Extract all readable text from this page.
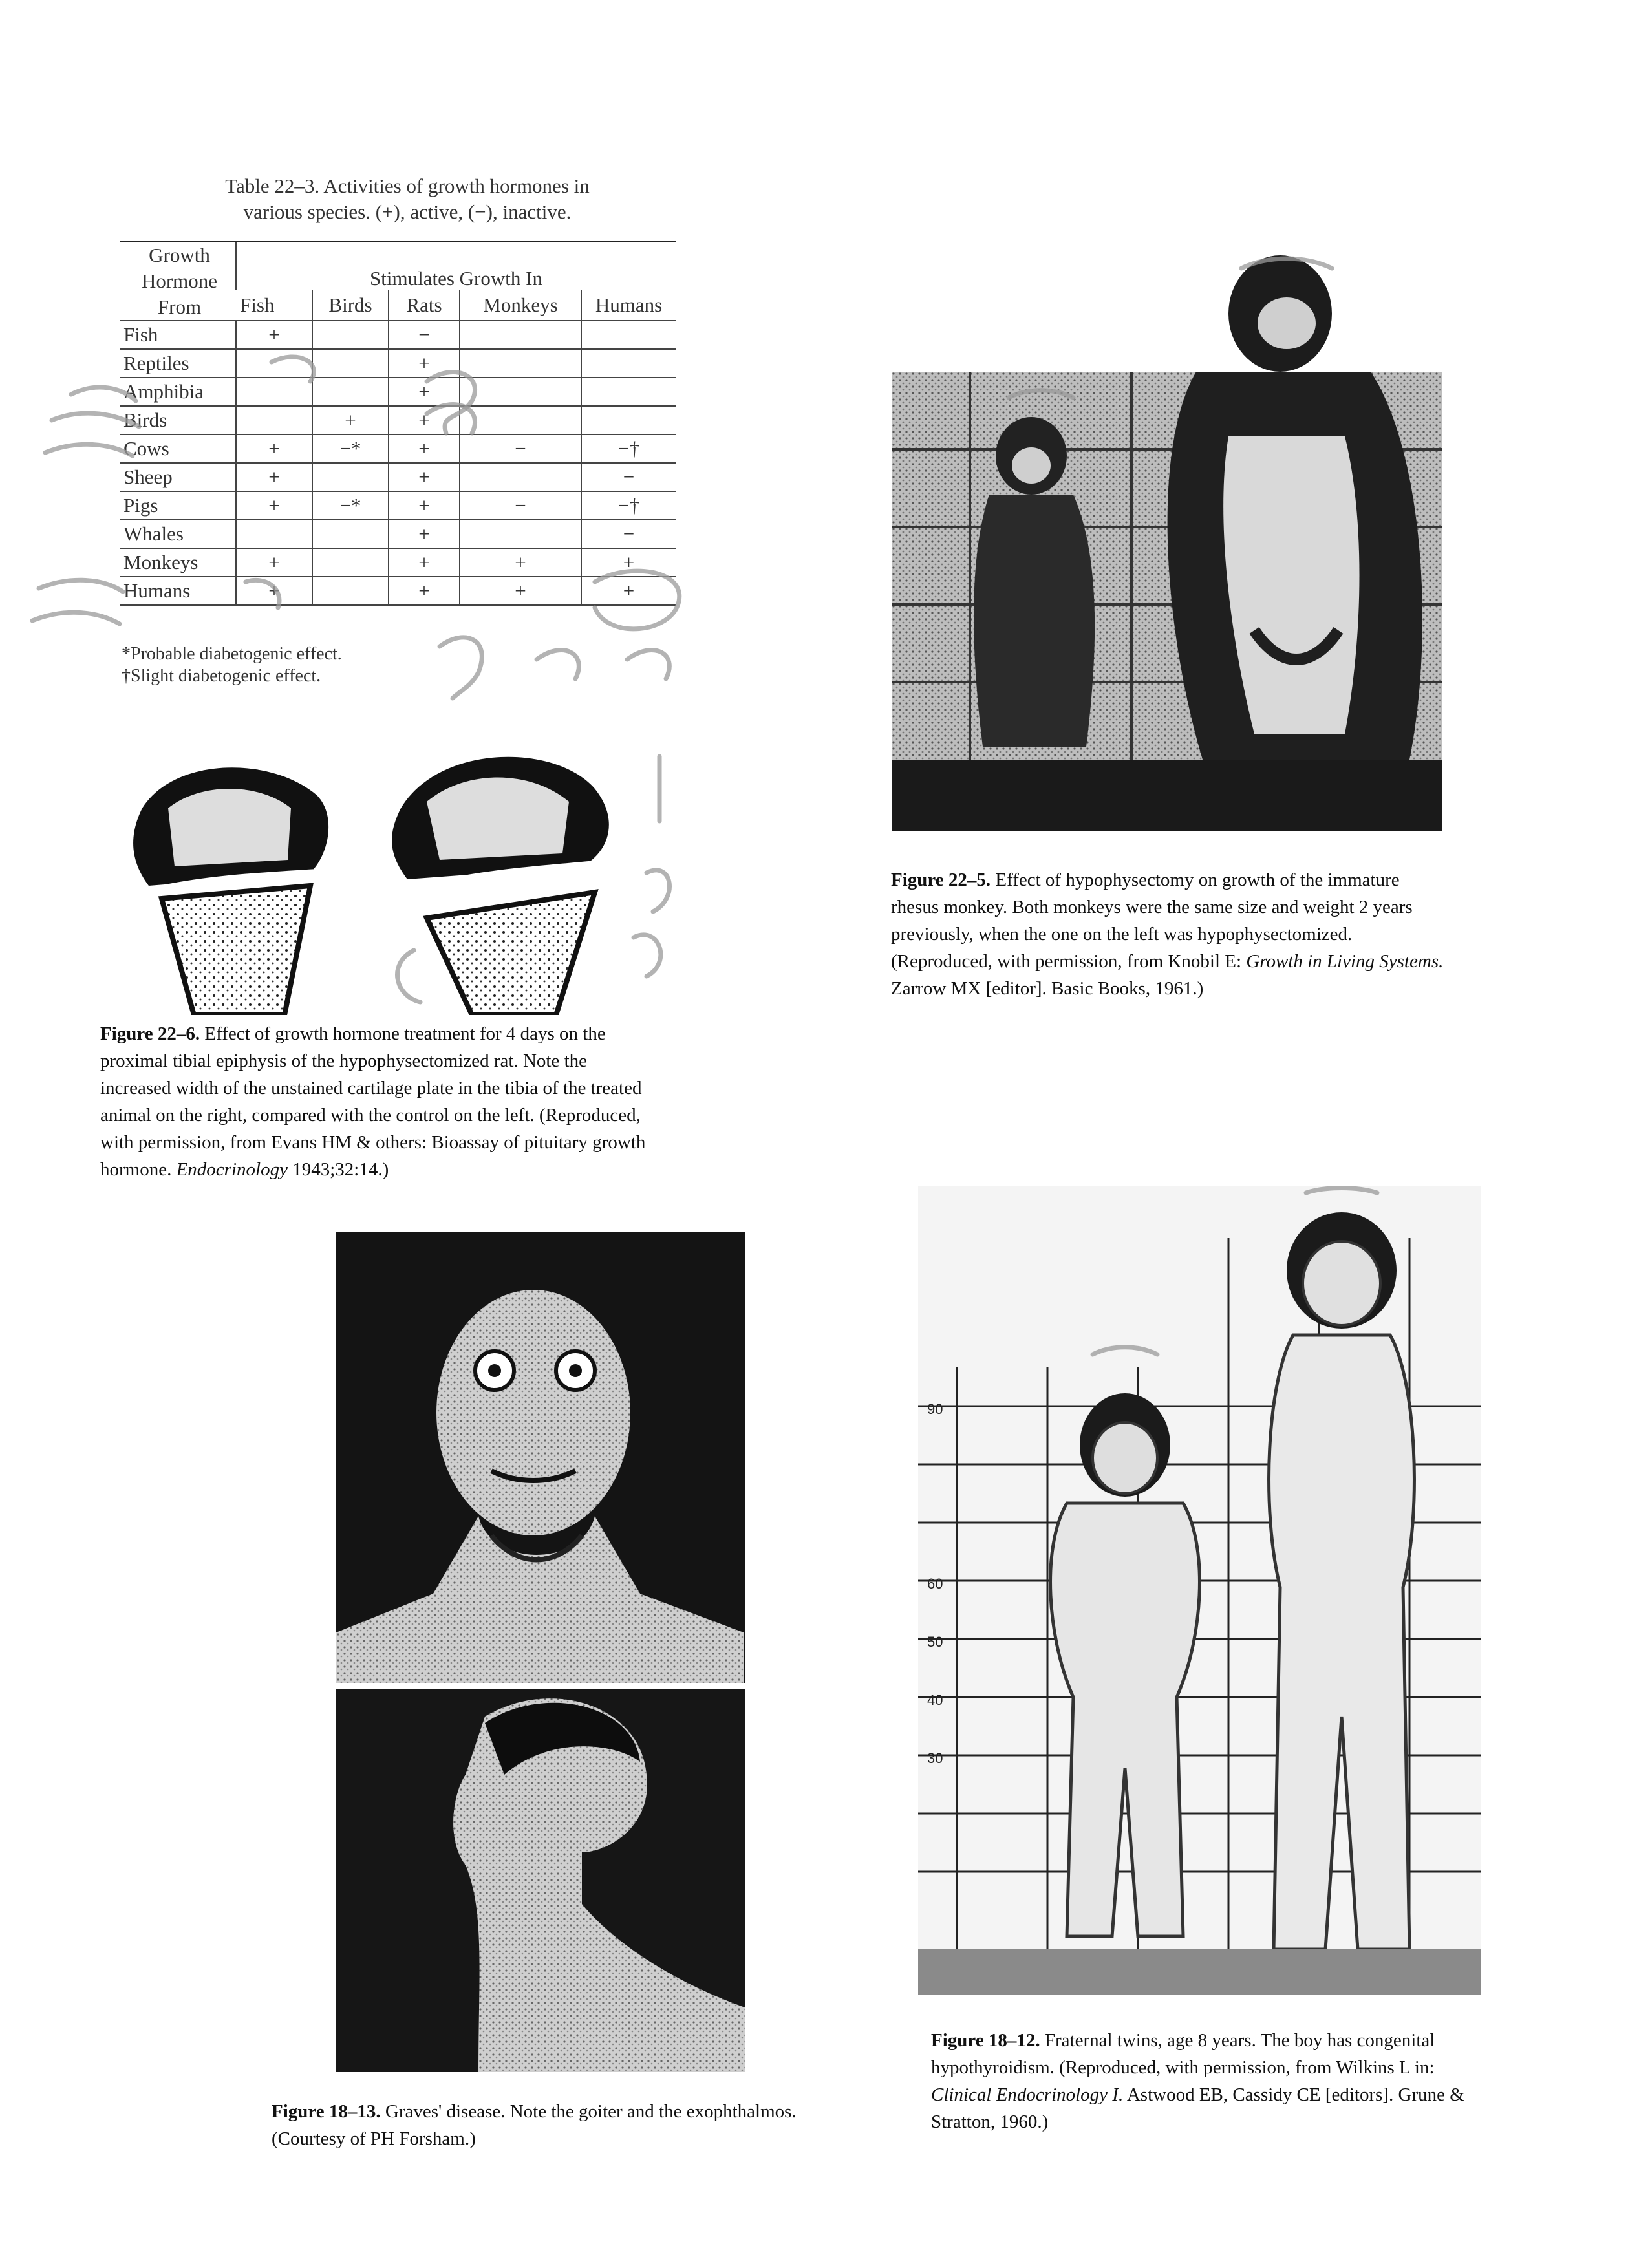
Table 22–3. Activities of growth hormones in
various species. (+), active, (−), inactive.
Growth
Hormone
From	Stimulates Growth In				
	Fish	Birds	Rats	Monkeys	Humans
Fish	+		−		
Reptiles			+		
Amphibia			+		
Birds		+	+		
Cows	+	−*	+	−	−†
Sheep	+		+		−
Pigs	+	−*	+	−	−†
Whales			+		−
Monkeys	+		+	+	+
Humans	+		+	+	+
*Probable diabetogenic effect.
†Slight diabetogenic effect.
Figure 22–6. Effect of growth hormone treatment for 4 days on the proximal tibial epiphysis of the hypophysectomized rat. Note the increased width of the unstained cartilage plate in the tibia of the treated animal on the right, compared with the control on the left. (Reproduced, with permission, from Evans HM & others: Bioassay of pituitary growth hormone. Endocrinology 1943;32:14.)
Figure 22–5. Effect of hypophysectomy on growth of the immature rhesus monkey. Both monkeys were the same size and weight 2 years previously, when the one on the left was hypophysectomized. (Reproduced, with permission, from Knobil E: Growth in Living Systems. Zarrow MX [editor]. Basic Books, 1961.)
Figure 18–13. Graves' disease. Note the goiter and the exophthalmos. (Courtesy of PH Forsham.)
90
60
50
40
30
Figure 18–12. Fraternal twins, age 8 years. The boy has congenital hypothyroidism. (Reproduced, with permission, from Wilkins L in: Clinical Endocrinology I. Astwood EB, Cassidy CE [editors]. Grune & Stratton, 1960.)
